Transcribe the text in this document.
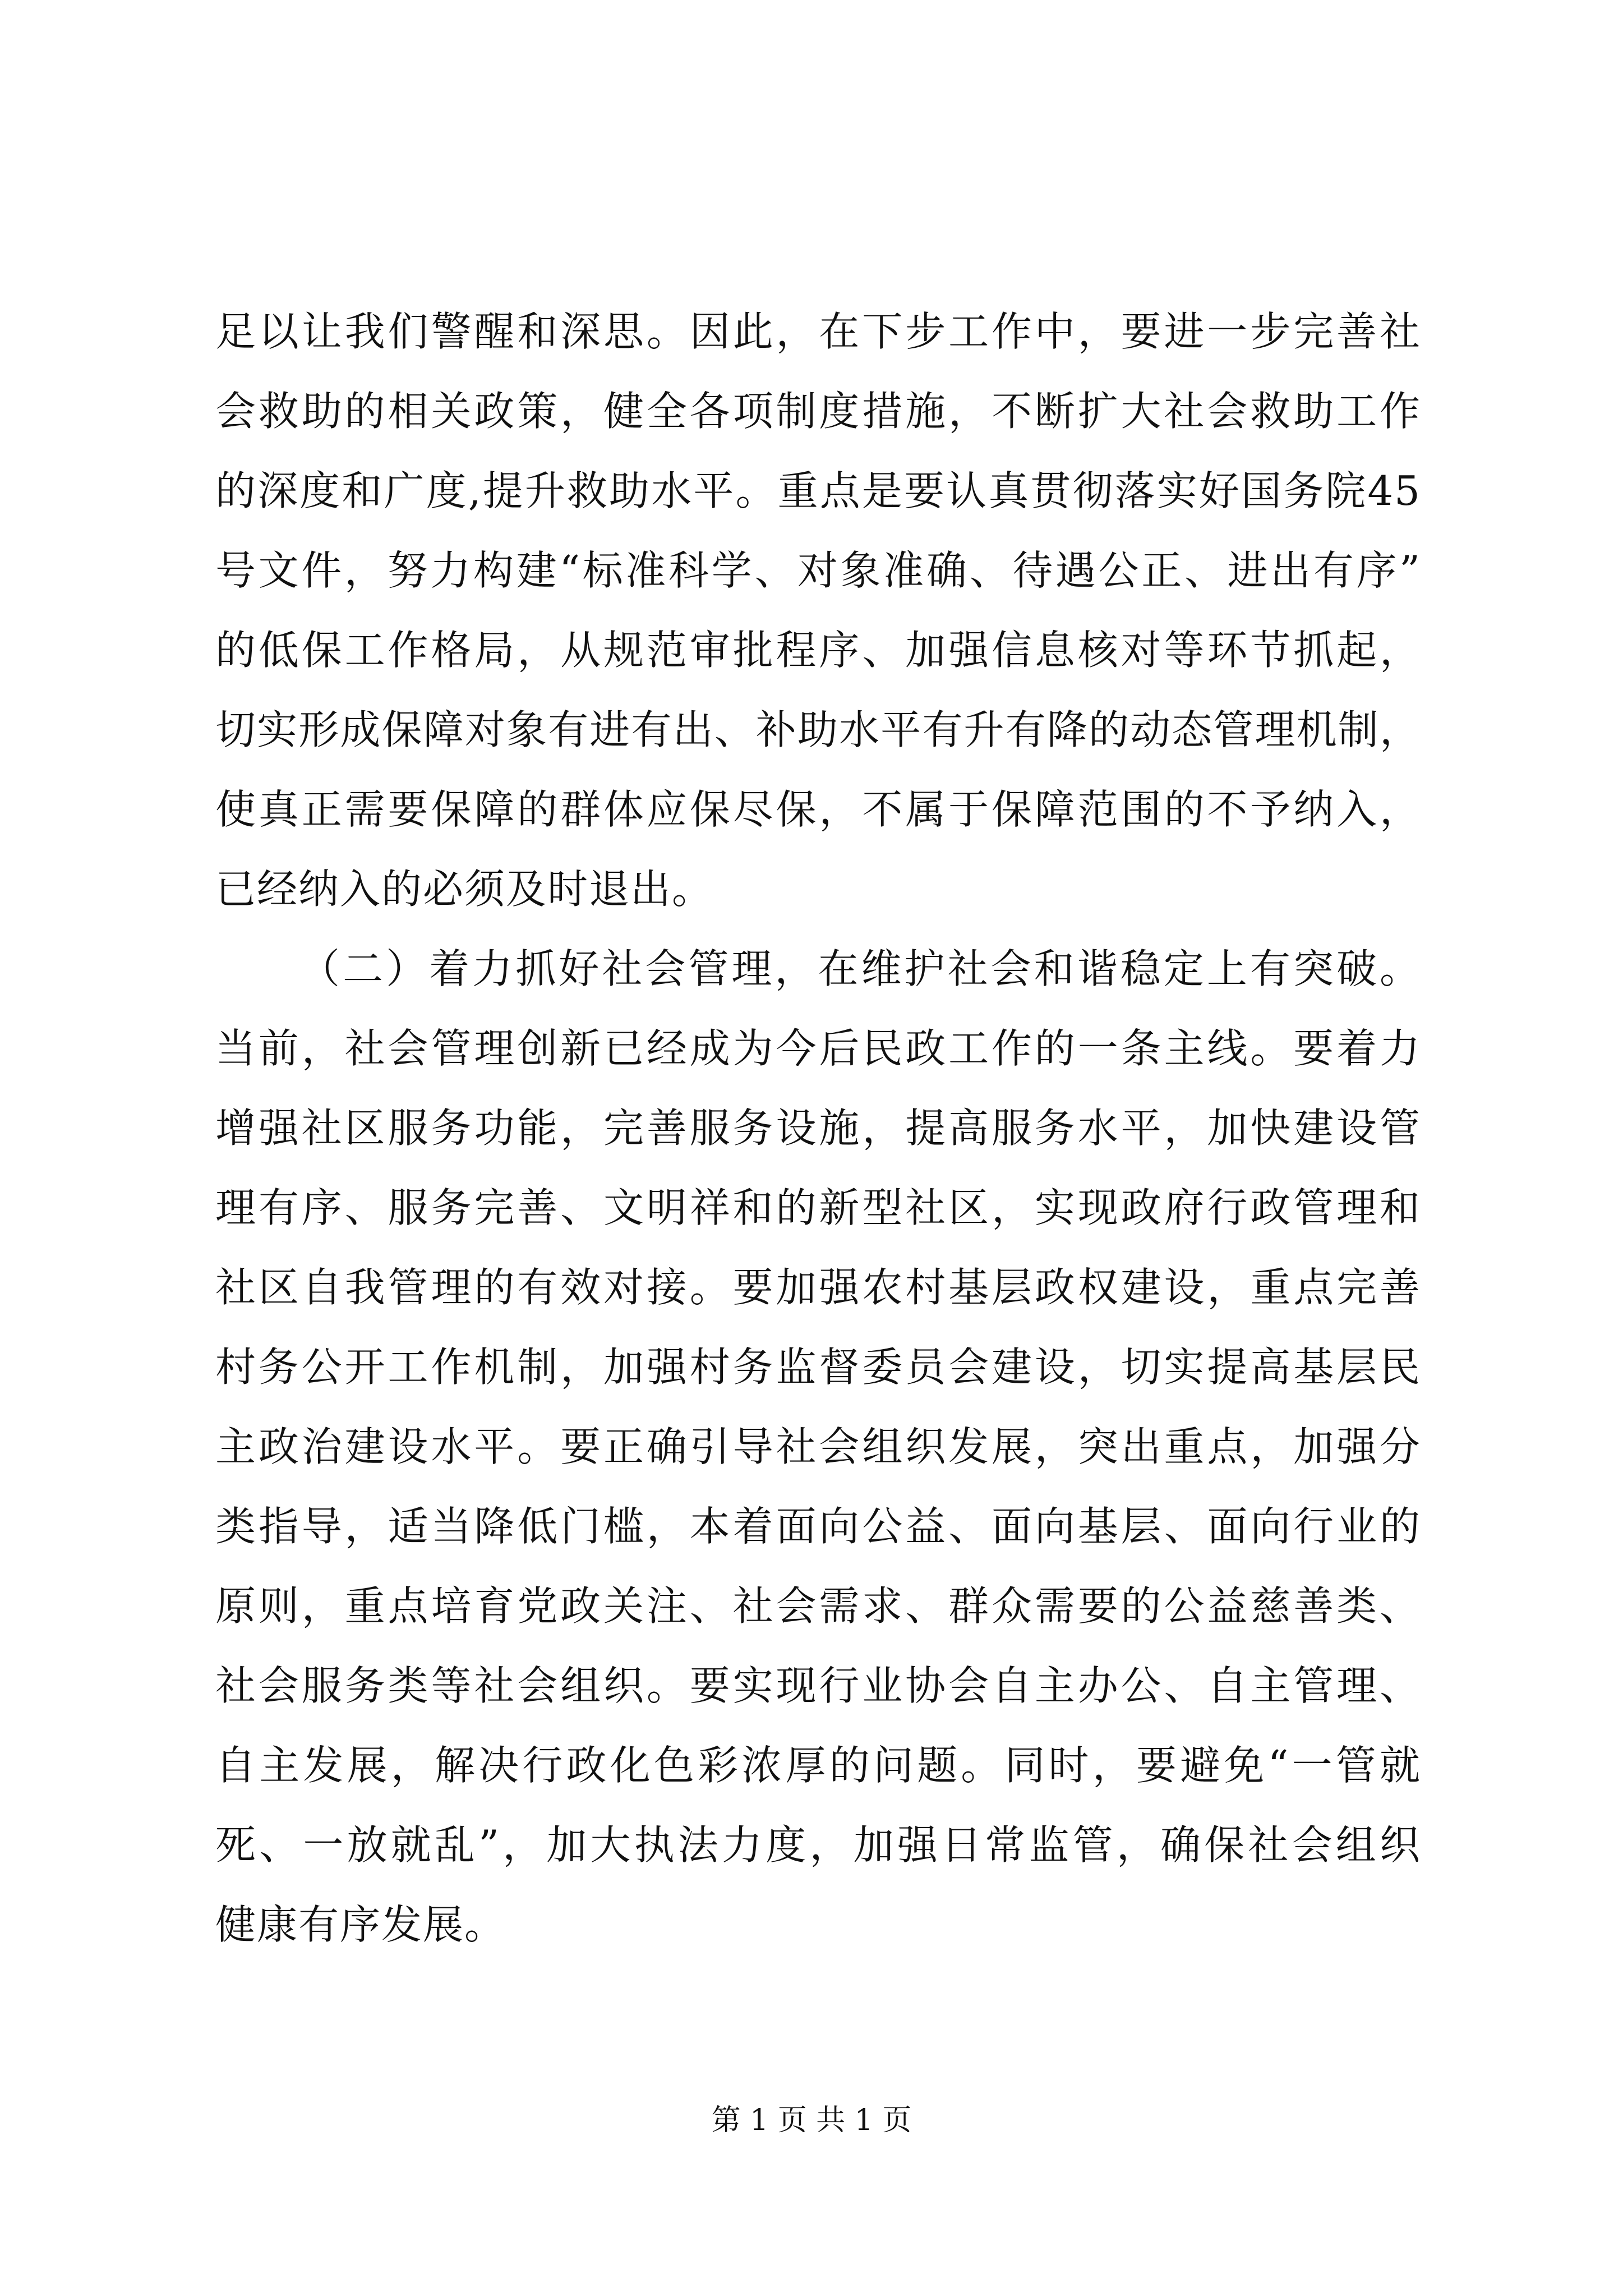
足以让我们警醒和深思。因此，在下步工作中，要进一步完善社
会救助的相关政策，健全各项制度措施，不断扩大社会救助工作
的深度和广度,提升救助水平。重点是要认真贯彻落实好国务院45
号文件，努力构建“标准科学、对象准确、待遇公正、进出有序”
的低保工作格局，从规范审批程序、加强信息核对等环节抓起，
切实形成保障对象有进有出、补助水平有升有降的动态管理机制，
使真正需要保障的群体应保尽保，不属于保障范围的不予纳入，
已经纳入的必须及时退出。
（二）着力抓好社会管理，在维护社会和谐稳定上有突破。
当前，社会管理创新已经成为今后民政工作的一条主线。要着力
增强社区服务功能，完善服务设施，提高服务水平，加快建设管
理有序、服务完善、文明祥和的新型社区，实现政府行政管理和
社区自我管理的有效对接。要加强农村基层政权建设，重点完善
村务公开工作机制，加强村务监督委员会建设，切实提高基层民
主政治建设水平。要正确引导社会组织发展，突出重点，加强分
类指导，适当降低门槛，本着面向公益、面向基层、面向行业的
原则，重点培育党政关注、社会需求、群众需要的公益慈善类、
社会服务类等社会组织。要实现行业协会自主办公、自主管理、
自主发展，解决行政化色彩浓厚的问题。同时，要避免“一管就
死、一放就乱”，加大执法力度，加强日常监管，确保社会组织
健康有序发展。
第 1 页 共 1 页
